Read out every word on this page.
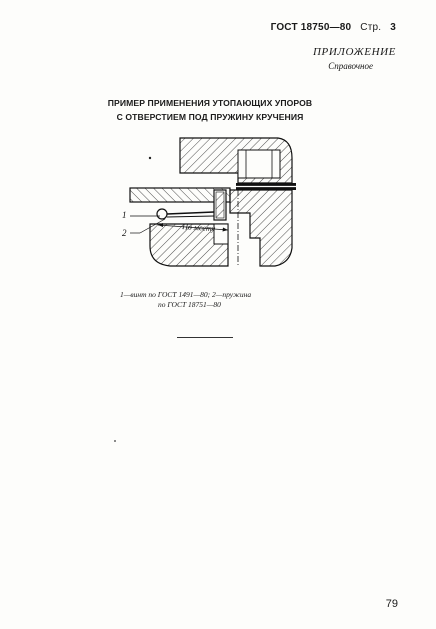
ГОСТ 18750—80 Стр. 3
ПРИЛОЖЕНИЕ
Справочное
ПРИМЕР ПРИМЕНЕНИЯ УТОПАЮЩИХ УПОРОВ
С ОТВЕРСТИЕМ ПОД ПРУЖИНУ КРУЧЕНИЯ
По месту
1
2
1—винт по ГОСТ 1491—80; 2—пружина
по ГОСТ 18751—80
79
